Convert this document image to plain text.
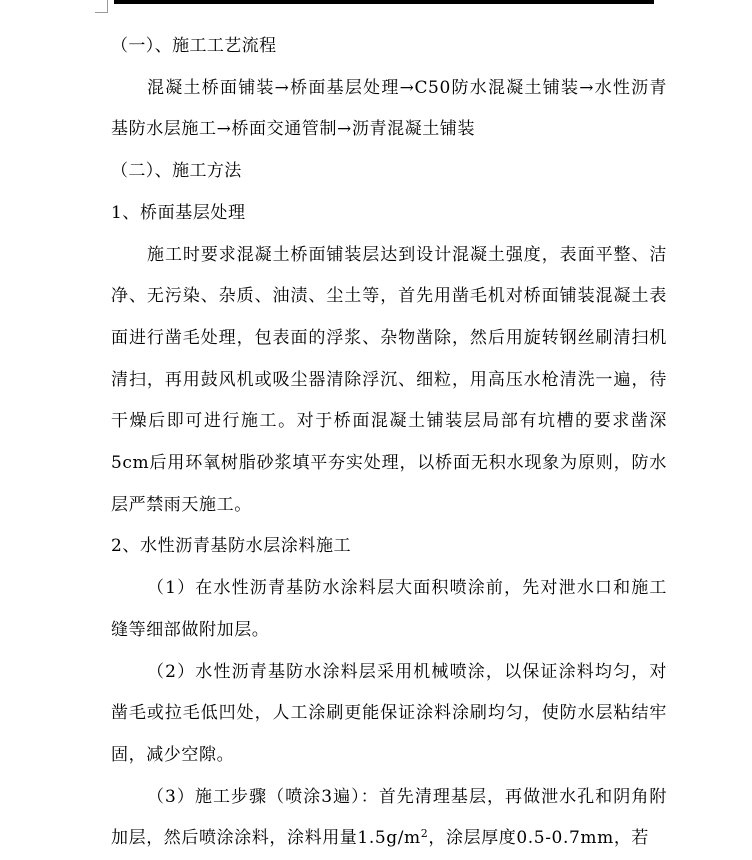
（一）、施工工艺流程

混凝土桥面铺装→桥面基层处理→C50防水混凝土铺装→水性沥青基防水层施工→桥面交通管制→沥青混凝土铺装

（二）、施工方法

1、桥面基层处理

施工时要求混凝土桥面铺装层达到设计混凝土强度，表面平整、洁净、无污染、杂质、油渍、尘土等，首先用凿毛机对桥面铺装混凝土表面进行凿毛处理，包表面的浮浆、杂物凿除，然后用旋转钢丝刷清扫机清扫，再用鼓风机或吸尘器清除浮沉、细粒，用高压水枪清洗一遍，待干燥后即可进行施工。对于桥面混凝土铺装层局部有坑槽的要求凿深5cm后用环氧树脂砂浆填平夯实处理，以桥面无积水现象为原则，防水层严禁雨天施工。

2、水性沥青基防水层涂料施工

（1）在水性沥青基防水涂料层大面积喷涂前，先对泄水口和施工缝等细部做附加层。

（2）水性沥青基防水涂料层采用机械喷涂，以保证涂料均匀，对凿毛或拉毛低凹处，人工涂刷更能保证涂料涂刷均匀，使防水层粘结牢固，减少空隙。

（3）施工步骤（喷涂3遍）：首先清理基层，再做泄水孔和阴角附加层，然后喷涂涂料，涂料用量$1.5g/m^2$，涂层厚度0.5-0.7mm，若
